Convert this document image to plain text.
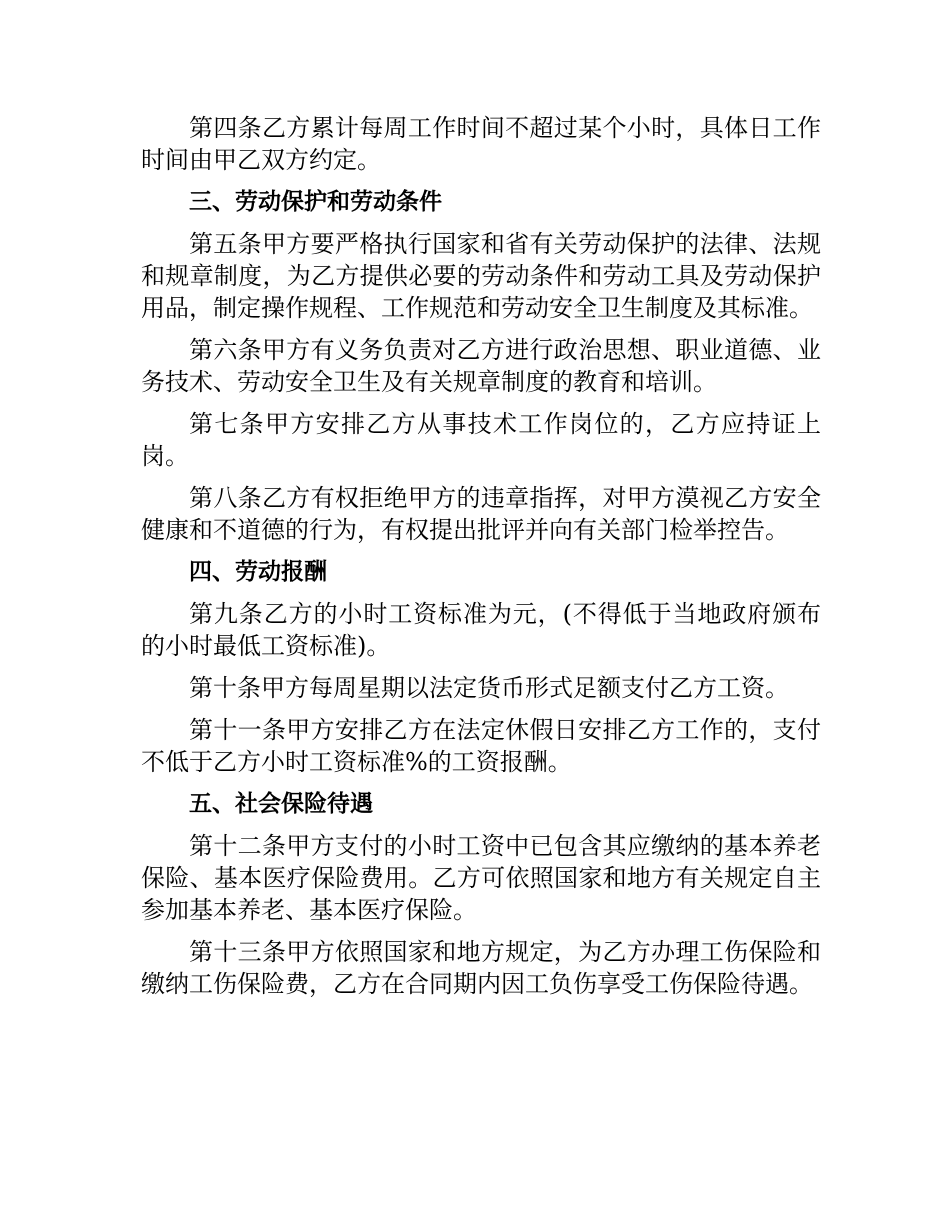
第四条乙方累计每周工作时间不超过某个小时，具体日工作时间由甲乙双方约定。

三、劳动保护和劳动条件

第五条甲方要严格执行国家和省有关劳动保护的法律、法规和规章制度，为乙方提供必要的劳动条件和劳动工具及劳动保护用品，制定操作规程、工作规范和劳动安全卫生制度及其标准。

第六条甲方有义务负责对乙方进行政治思想、职业道德、业务技术、劳动安全卫生及有关规章制度的教育和培训。

第七条甲方安排乙方从事技术工作岗位的，乙方应持证上岗。

第八条乙方有权拒绝甲方的违章指挥，对甲方漠视乙方安全健康和不道德的行为，有权提出批评并向有关部门检举控告。

四、劳动报酬

第九条乙方的小时工资标准为元，(不得低于当地政府颁布的小时最低工资标准)。

第十条甲方每周星期以法定货币形式足额支付乙方工资。

第十一条甲方安排乙方在法定休假日安排乙方工作的，支付不低于乙方小时工资标准%的工资报酬。

五、社会保险待遇

第十二条甲方支付的小时工资中已包含其应缴纳的基本养老保险、基本医疗保险费用。乙方可依照国家和地方有关规定自主参加基本养老、基本医疗保险。

第十三条甲方依照国家和地方规定，为乙方办理工伤保险和缴纳工伤保险费，乙方在合同期内因工负伤享受工伤保险待遇。
